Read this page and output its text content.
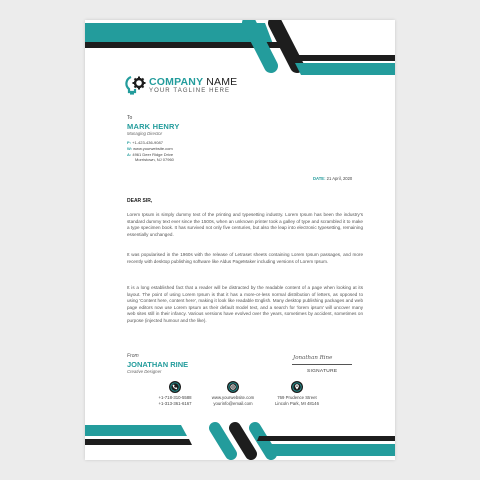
COMPANY NAME
YOUR TAGLINE HERE
To
MARK HENRY
Managing Director
P: +1-423-436-9087
W: www.yourwebsite.com
A: 4961 Deer Ridge Drive
Morristown, NJ 07960
DATE: 21 April, 2020
DEAR SIR,

Lorem Ipsum is simply dummy text of the printing and typesetting industry. Lorem Ipsum has been the industry's standard dummy text ever since the 1500s, when an unknown printer took a galley of type and scrambled it to make a type specimen book. It has survived not only five centuries, but also the leap into electronic typesetting, remaining essentially unchanged.

It was popularised in the 1960s with the release of Letraset sheets containing Lorem Ipsum passages, and more recently with desktop publishing software like Aldus PageMaker including versions of Lorem Ipsum.

It is a long established fact that a reader will be distracted by the readable content of a page when looking at its layout. The point of using Lorem Ipsum is that it has a more-or-less normal distribution of letters, as opposed to using 'Content here, content here', making it look like readable English. Many desktop publishing packages and web page editors now use Lorem Ipsum as their default model text, and a search for 'lorem ipsum' will uncover many web sites still in their infancy. Various versions have evolved over the years, sometimes by accident, sometimes on purpose (injected humour and the like).

From
JONATHAN RINE
Creative Designer
Jonathan Rine
SIGNATURE
+1-718-310-5588
+1-313-361-6167
www.yourwebsite.com
yourinfo@email.com
769 Prudence Street
Lincoln Park, MI 48146
